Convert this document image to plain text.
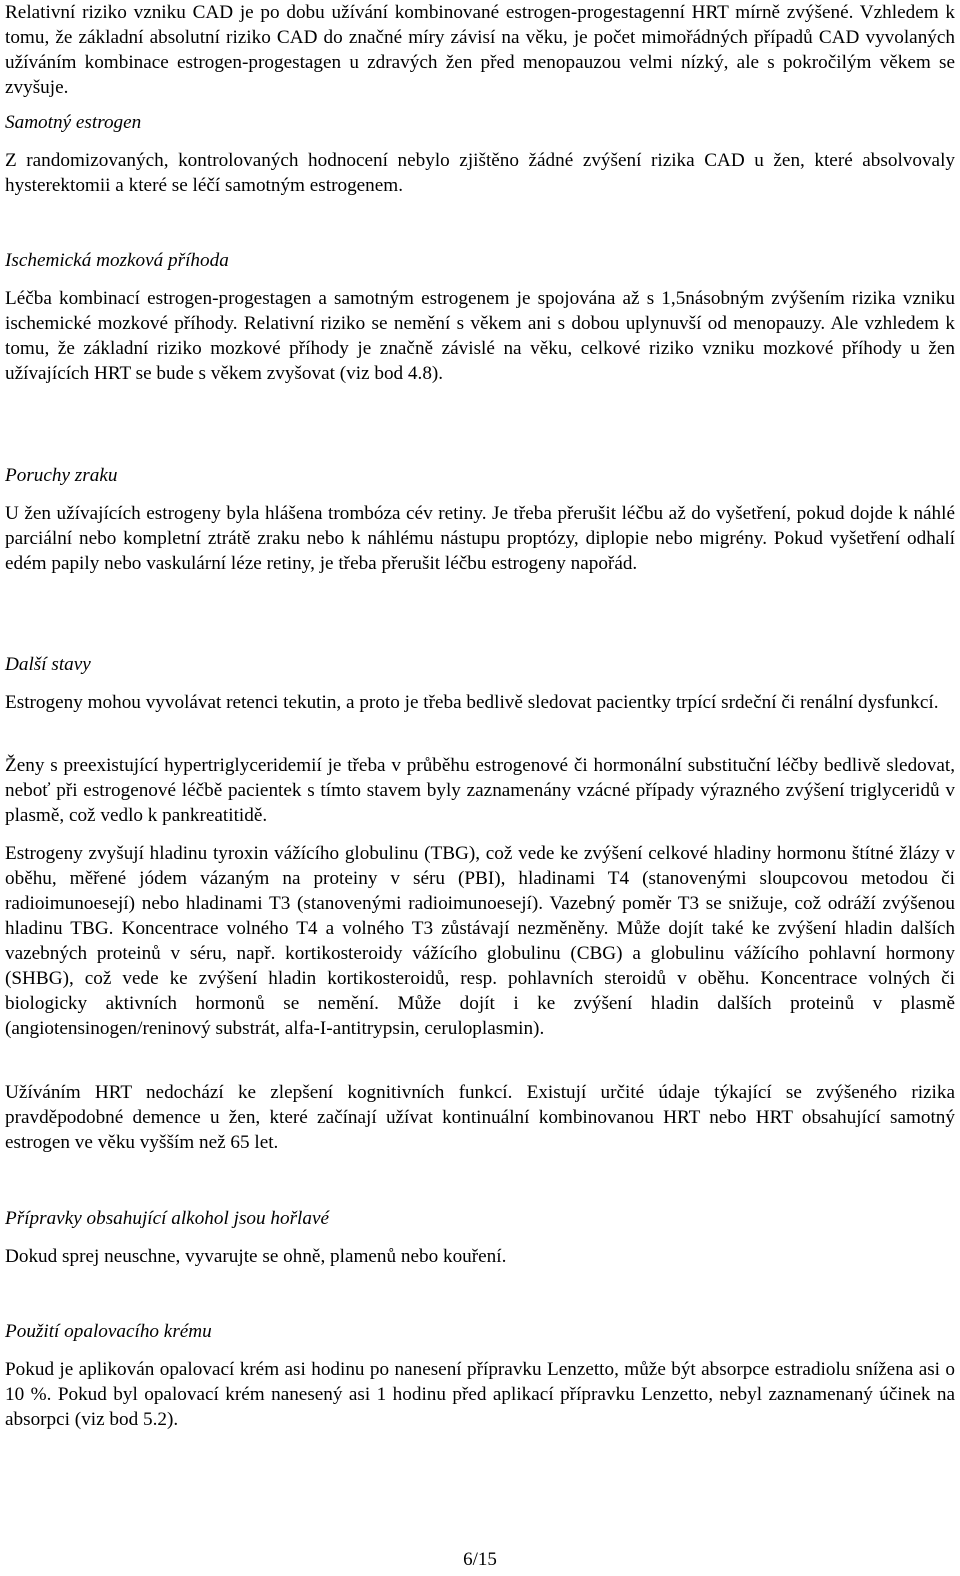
Relativní riziko vzniku CAD je po dobu užívání kombinované estrogen-progestagenní HRT mírně zvýšené. Vzhledem k tomu, že základní absolutní riziko CAD do značné míry závisí na věku, je počet mimořádných případů CAD vyvolaných užíváním kombinace estrogen-progestagen u zdravých žen před menopauzou velmi nízký, ale s pokročilým věkem se zvyšuje.

Samotný estrogen

Z randomizovaných, kontrolovaných hodnocení nebylo zjištěno žádné zvýšení rizika CAD u žen, které absolvovaly hysterektomii a které se léčí samotným estrogenem.

Ischemická mozková příhoda

Léčba kombinací estrogen-progestagen a samotným estrogenem je spojována až s 1,5násobným zvýšením rizika vzniku ischemické mozkové příhody. Relativní riziko se nemění s věkem ani s dobou uplynuvší od menopauzy. Ale vzhledem k tomu, že základní riziko mozkové příhody je značně závislé na věku, celkové riziko vzniku mozkové příhody u žen užívajících HRT se bude s věkem zvyšovat (viz bod 4.8).

Poruchy zraku

U žen užívajících estrogeny byla hlášena trombóza cév retiny. Je třeba přerušit léčbu až do vyšetření, pokud dojde k náhlé parciální nebo kompletní ztrátě zraku nebo k náhlému nástupu proptózy, diplopie nebo migrény. Pokud vyšetření odhalí edém papily nebo vaskulární léze retiny, je třeba přerušit léčbu estrogeny napořád.

Další stavy

Estrogeny mohou vyvolávat retenci tekutin, a proto je třeba bedlivě sledovat pacientky trpící srdeční či renální dysfunkcí.

Ženy s preexistující hypertriglyceridemií je třeba v průběhu estrogenové či hormonální substituční léčby bedlivě sledovat, neboť při estrogenové léčbě pacientek s tímto stavem byly zaznamenány vzácné případy výrazného zvýšení triglyceridů v plasmě, což vedlo k pankreatitidě.

Estrogeny zvyšují hladinu tyroxin vážícího globulinu (TBG), což vede ke zvýšení celkové hladiny hormonu štítné žlázy v oběhu, měřené jódem vázaným na proteiny v séru (PBI), hladinami T4 (stanovenými sloupcovou metodou či radioimunoesejí) nebo hladinami T3 (stanovenými radioimunoesejí). Vazebný poměr T3 se snižuje, což odráží zvýšenou hladinu TBG. Koncentrace volného T4 a volného T3 zůstávají nezměněny. Může dojít také ke zvýšení hladin dalších vazebných proteinů v séru, např. kortikosteroidy vážícího globulinu (CBG) a globulinu vážícího pohlavní hormony (SHBG), což vede ke zvýšení hladin kortikosteroidů, resp. pohlavních steroidů v oběhu. Koncentrace volných či biologicky aktivních hormonů se nemění. Může dojít i ke zvýšení hladin dalších proteinů v plasmě (angiotensinogen/reninový substrát, alfa-I-antitrypsin, ceruloplasmin).

Užíváním HRT nedochází ke zlepšení kognitivních funkcí. Existují určité údaje týkající se zvýšeného rizika pravděpodobné demence u žen, které začínají užívat kontinuální kombinovanou HRT nebo HRT obsahující samotný estrogen ve věku vyšším než 65 let.

Přípravky obsahující alkohol jsou hořlavé

Dokud sprej neuschne, vyvarujte se ohně, plamenů nebo kouření.

Použití opalovacího krému

Pokud je aplikován opalovací krém asi hodinu po nanesení přípravku Lenzetto, může být absorpce estradiolu snížena asi o 10 %. Pokud byl opalovací krém nanesený asi 1 hodinu před aplikací přípravku Lenzetto, nebyl zaznamenaný účinek na absorpci (viz bod 5.2).

6/15
